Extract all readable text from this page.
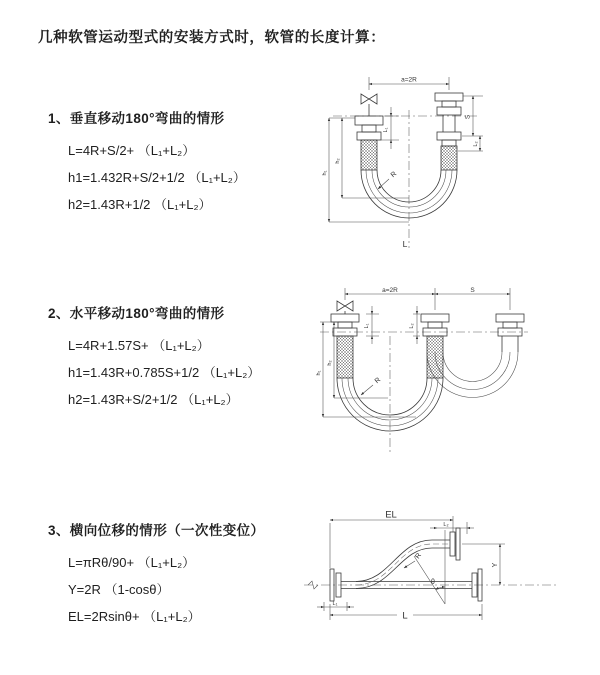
几种软管运动型式的安装方式时，软管的长度计算：
1、垂直移动180°弯曲的情形
L=4R+S/2+ （L₁+L₂）
h1=1.432R+S/2+1/2 （L₁+L₂）
h2=1.43R+1/2 （L₁+L₂）
2、水平移动180°弯曲的情形
L=4R+1.57S+ （L₁+L₂）
h1=1.43R+0.785S+1/2 （L₁+L₂）
h2=1.43R+S/2+1/2 （L₁+L₂）
3、横向位移的情形（一次性变位）
L=πRθ/90+ （L₁+L₂）
Y=2R （1-cosθ）
EL=2Rsinθ+ （L₁+L₂）
a=2R
L₁
S
L₂
h₁
h₂
R
L
a=2R	S
L₁	L₂
h₁
h₂
R
EL
L₂
Y
θ
R
L
L₁
